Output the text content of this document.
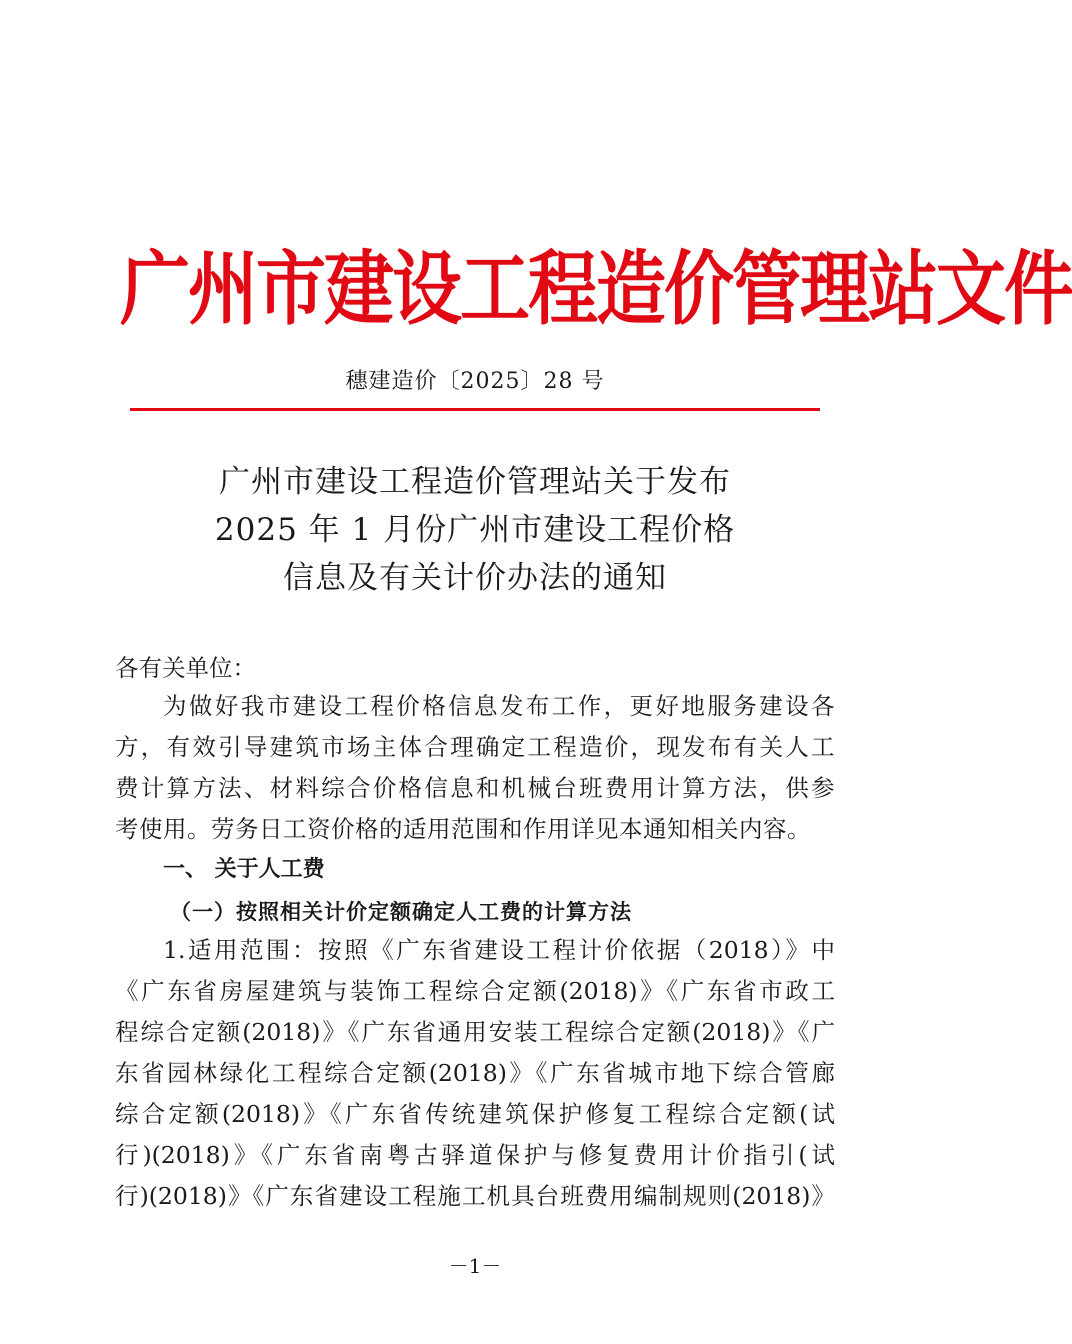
广州市建设工程造价管理站文件
穗建造价〔2025〕28 号
广州市建设工程造价管理站关于发布
2025 年 1 月份广州市建设工程价格
信息及有关计价办法的通知
各有关单位：
为做好我市建设工程价格信息发布工作，更好地服务建设各
方，有效引导建筑市场主体合理确定工程造价，现发布有关人工
费计算方法、材料综合价格信息和机械台班费用计算方法，供参
考使用。劳务日工资价格的适用范围和作用详见本通知相关内容。
一、 关于人工费
（一）按照相关计价定额确定人工费的计算方法
1.适用范围：按照《广东省建设工程计价依据（2018）》中
《广东省房屋建筑与装饰工程综合定额(2018)》《广东省市政工
程综合定额(2018)》《广东省通用安装工程综合定额(2018)》《广
东省园林绿化工程综合定额(2018)》《广东省城市地下综合管廊
综合定额(2018)》《广东省传统建筑保护修复工程综合定额(试
行)(2018)》《广东省南粤古驿道保护与修复费用计价指引(试
行)(2018)》《广东省建设工程施工机具台班费用编制规则(2018)》
－1－
